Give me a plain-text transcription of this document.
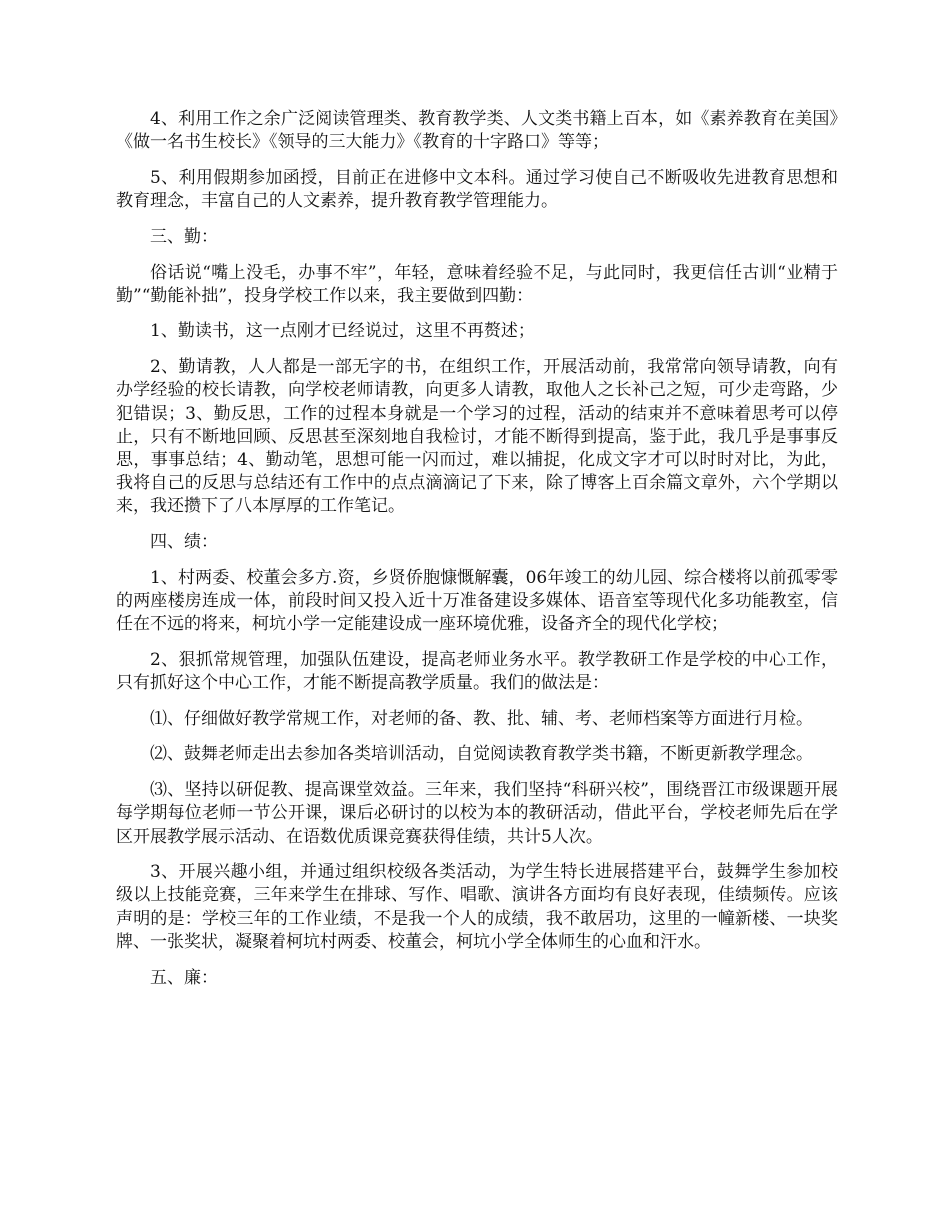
4、利用工作之余广泛阅读管理类、教育教学类、人文类书籍上百本，如《素养教育在美国》《做一名书生校长》《领导的三大能力》《教育的十字路口》等等；

5、利用假期参加函授，目前正在进修中文本科。通过学习使自己不断吸收先进教育思想和教育理念，丰富自己的人文素养，提升教育教学管理能力。

三、勤：

俗话说“嘴上没毛，办事不牢”，年轻，意味着经验不足，与此同时，我更信任古训“业精于勤”“勤能补拙”，投身学校工作以来，我主要做到四勤：

1、勤读书，这一点刚才已经说过，这里不再赘述；

2、勤请教，人人都是一部无字的书，在组织工作，开展活动前，我常常向领导请教，向有办学经验的校长请教，向学校老师请教，向更多人请教，取他人之长补己之短，可少走弯路，少犯错误；3、勤反思，工作的过程本身就是一个学习的过程，活动的结束并不意味着思考可以停止，只有不断地回顾、反思甚至深刻地自我检讨，才能不断得到提高，鉴于此，我几乎是事事反思，事事总结；4、勤动笔，思想可能一闪而过，难以捕捉，化成文字才可以时时对比，为此，我将自己的反思与总结还有工作中的点点滴滴记了下来，除了博客上百余篇文章外，六个学期以来，我还攒下了八本厚厚的工作笔记。

四、绩：

1、村两委、校董会多方.资，乡贤侨胞慷慨解囊，06年竣工的幼儿园、综合楼将以前孤零零的两座楼房连成一体，前段时间又投入近十万准备建设多媒体、语音室等现代化多功能教室，信任在不远的将来，柯坑小学一定能建设成一座环境优雅，设备齐全的现代化学校；

2、狠抓常规管理，加强队伍建设，提高老师业务水平。教学教研工作是学校的中心工作，只有抓好这个中心工作，才能不断提高教学质量。我们的做法是：

⑴、仔细做好教学常规工作，对老师的备、教、批、辅、考、老师档案等方面进行月检。

⑵、鼓舞老师走出去参加各类培训活动，自觉阅读教育教学类书籍，不断更新教学理念。

⑶、坚持以研促教、提高课堂效益。三年来，我们坚持“科研兴校”，围绕晋江市级课题开展每学期每位老师一节公开课，课后必研讨的以校为本的教研活动，借此平台，学校老师先后在学区开展教学展示活动、在语数优质课竞赛获得佳绩，共计5人次。

3、开展兴趣小组，并通过组织校级各类活动，为学生特长进展搭建平台，鼓舞学生参加校级以上技能竞赛，三年来学生在排球、写作、唱歌、演讲各方面均有良好表现，佳绩频传。应该声明的是：学校三年的工作业绩，不是我一个人的成绩，我不敢居功，这里的一幢新楼、一块奖牌、一张奖状，凝聚着柯坑村两委、校董会，柯坑小学全体师生的心血和汗水。

五、廉：
